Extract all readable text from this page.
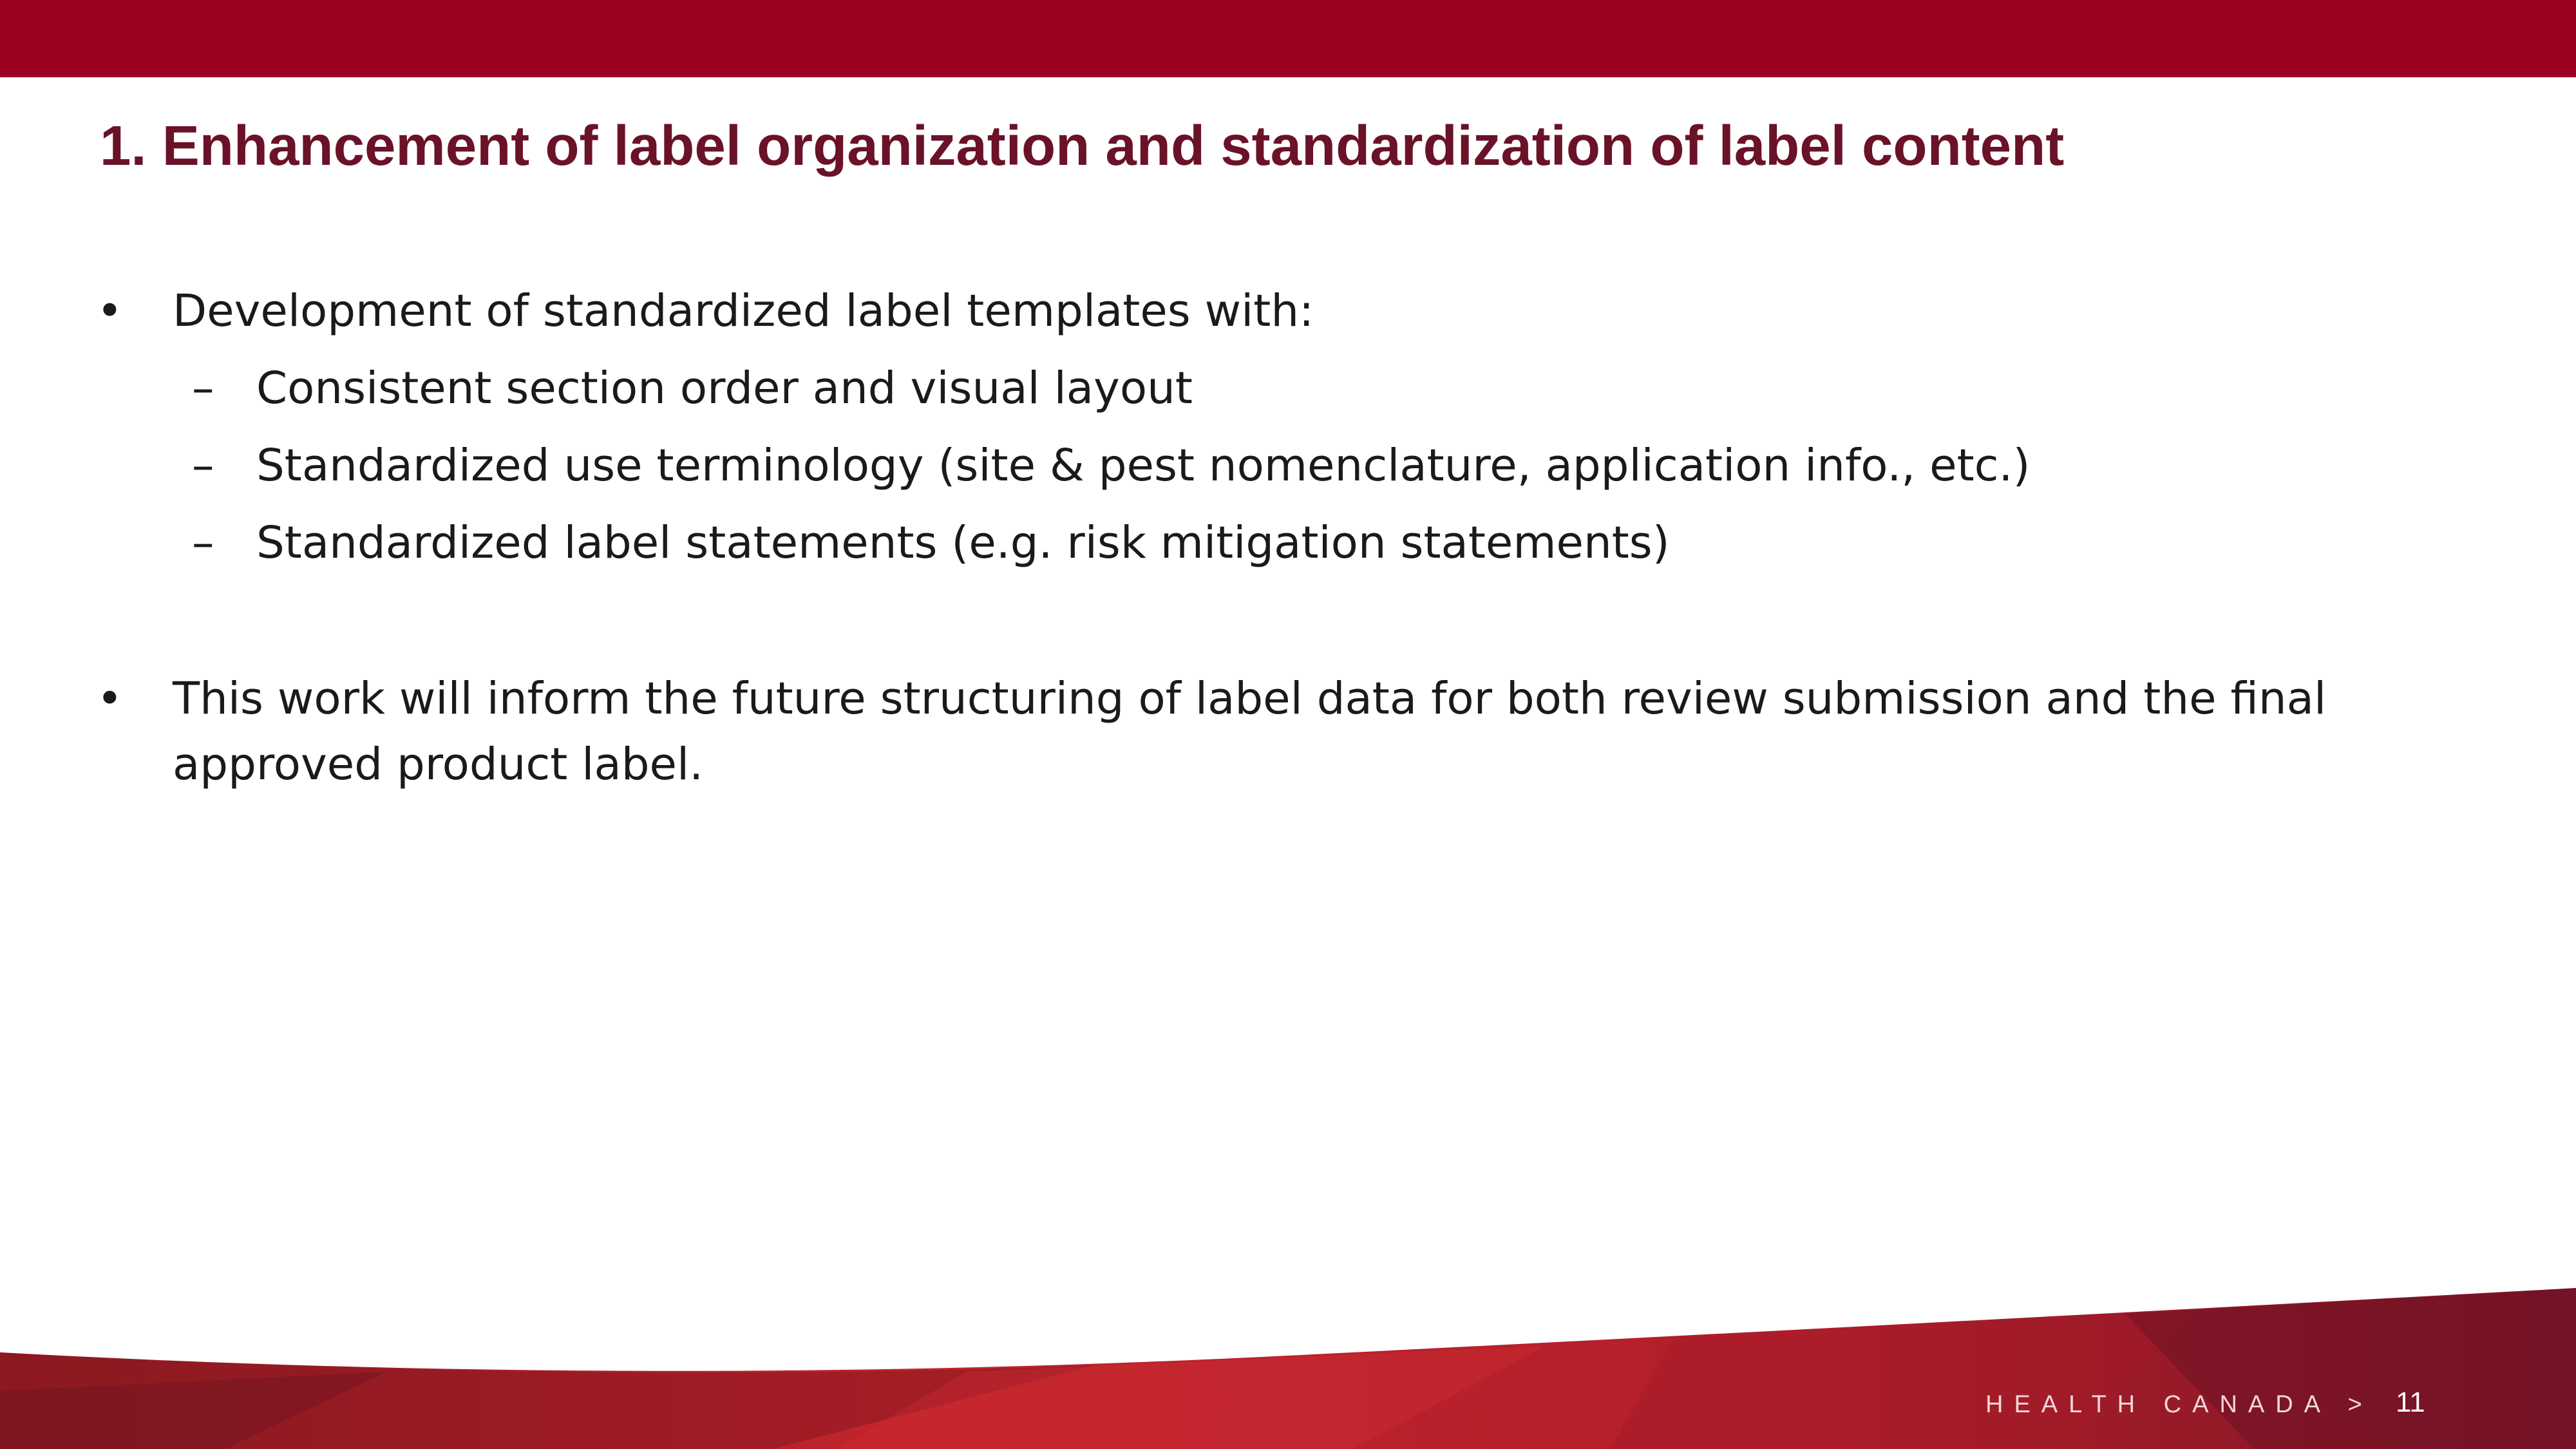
1. Enhancement of label organization and standardization of label content
• Development of standardized label templates with:
– Consistent section order and visual layout
– Standardized use terminology (site & pest nomenclature, application info., etc.)
– Standardized label statements (e.g. risk mitigation statements)
• This work will inform the future structuring of label data for both review submission and the final
approved product label.
HEALTH CANADA > 11
